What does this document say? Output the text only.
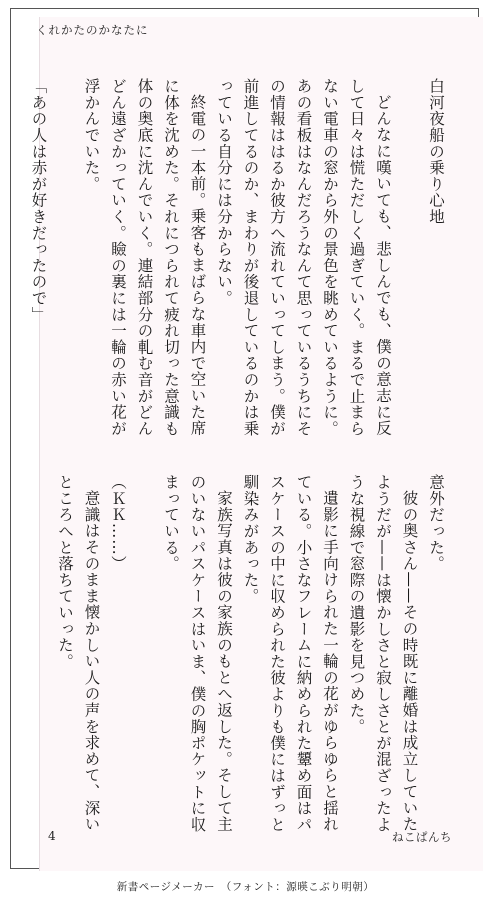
くれかたのかなたに

白河夜船の乗り心地

どんなに嘆いても、悲しんでも、僕の意志に反して日々は慌ただしく過ぎていく。まるで止まらない電車の窓から外の景色を眺めているように。あの看板はなんだろうなんて思っているうちにその情報ははるか彼方へ流れていってしまう。僕が前進してるのか、まわりが後退しているのかは乗っている自分には分からない。

終電の一本前。乗客もまばらな車内で空いた席に体を沈めた。それにつられて疲れ切った意識も体の奥底に沈んでいく。連結部分の軋む音がどんどん遠ざかっていく。瞼の裏には一輪の赤い花が浮かんでいた。

「あの人は赤が好きだったので」

意外だった。

彼の奥さん——その時既に離婚は成立していたようだが——は懐かしさと寂しさとが混ざったような視線で窓際の遺影を見つめた。

遺影に手向けられた一輪の花がゆらゆらと揺れている。小さなフレームに納められた顰め面はパスケースの中に収められた彼よりも僕にはずっと馴染みがあった。

家族写真は彼の家族のもとへ返した。そして主のいないパスケースはいま、僕の胸ポケットに収まっている。

（ＫＫ……）

意識はそのまま懐かしい人の声を求めて、深いところへと落ちていった。

4	ねこぱんち
新書ページメーカー　（フォント：源暎こぶり明朝）
